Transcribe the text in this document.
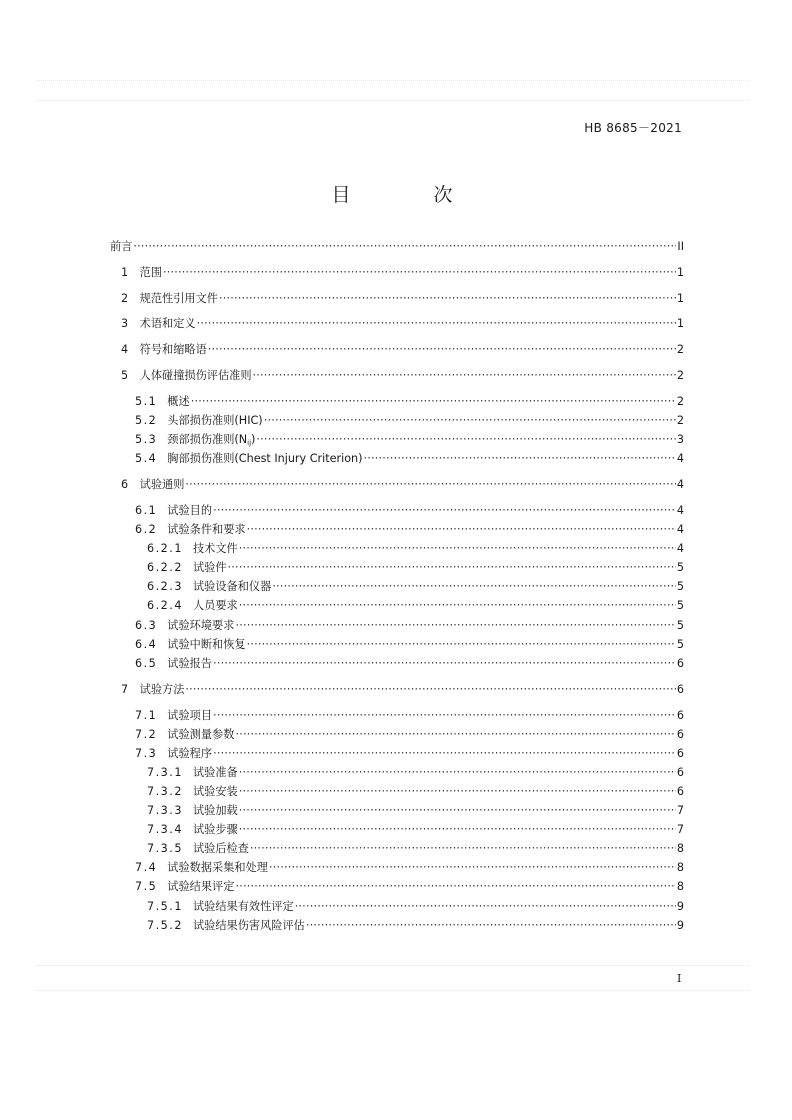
HB 8685－2021
目　次
前言 ·····	II
1 范围 ·····	1
2 规范性引用文件 ·····	1
3 术语和定义 ·····	1
4 符号和缩略语 ·····	2
5 人体碰撞损伤评估准则 ·····	2
5.1 概述 ·····	2
5.2 头部损伤准则(HIC) ·····	2
5.3 颈部损伤准则$(N_{ij})$ ·····	3
5.4 胸部损伤准则(Chest Injury Criterion) ·····	4
6 试验通则 ·····	4
6.1 试验目的 ·····	4
6.2 试验条件和要求 ·····	4
6.2.1 技术文件 ·····	4
6.2.2 试验件 ·····	5
6.2.3 试验设备和仪器 ·····	5
6.2.4 人员要求 ·····	5
6.3 试验环境要求 ·····	5
6.4 试验中断和恢复 ·····	5
6.5 试验报告 ·····	6
7 试验方法 ·····	6
7.1 试验项目 ·····	6
7.2 试验测量参数 ·····	6
7.3 试验程序 ·····	6
7.3.1 试验准备 ·····	6
7.3.2 试验安装 ·····	6
7.3.3 试验加载 ·····	7
7.3.4 试验步骤 ·····	7
7.3.5 试验后检查 ·····	8
7.4 试验数据采集和处理 ·····	8
7.5 试验结果评定 ·····	8
7.5.1 试验结果有效性评定 ·····	9
7.5.2 试验结果伤害风险评估 ·····	9
I
